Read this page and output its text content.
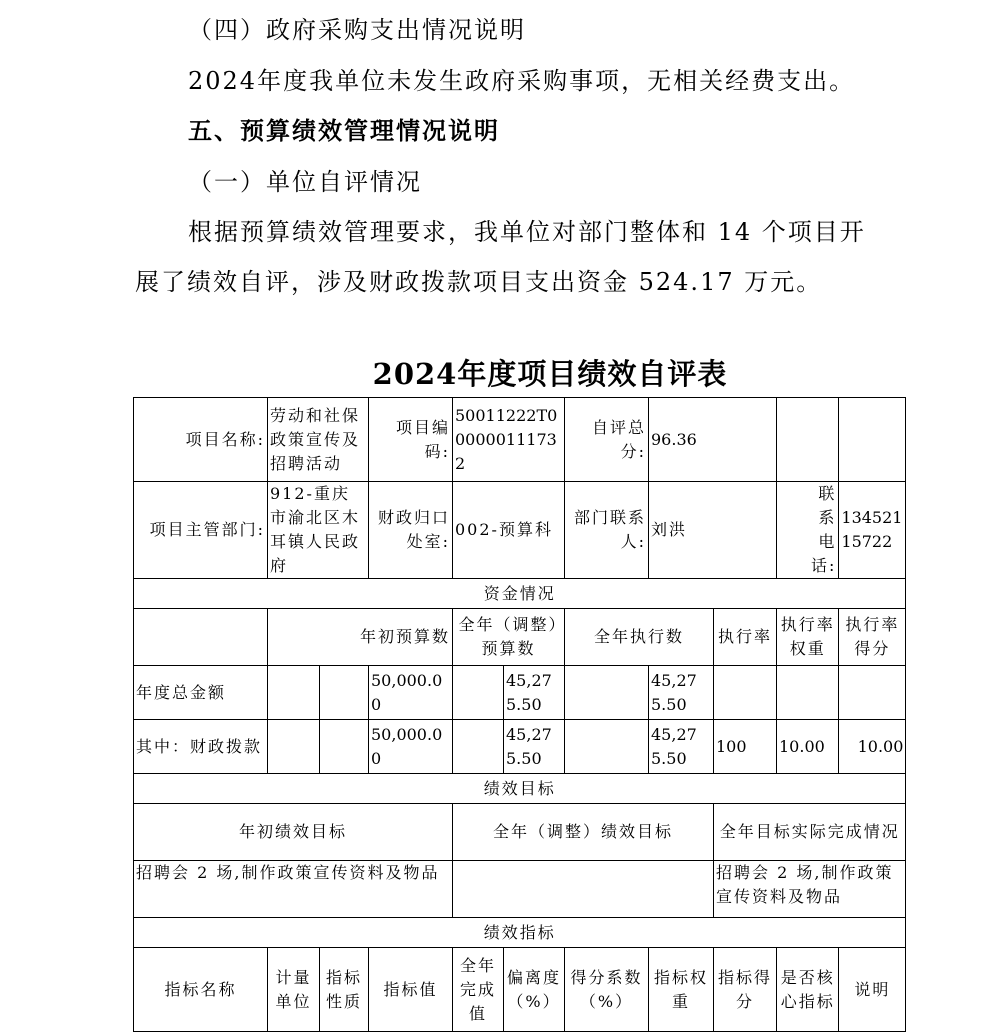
（四）政府采购支出情况说明
2024年度我单位未发生政府采购事项，无相关经费支出。
五、预算绩效管理情况说明
（一）单位自评情况
根据预算绩效管理要求，我单位对部门整体和 14 个项目开
展了绩效自评，涉及财政拨款项目支出资金 524.17 万元。
2024年度项目绩效自评表
项目名称:	劳动和社保政策宣传及招聘活动		项目编码:	50011222T000000111732		自评总分:	96.36			
项目主管部门:	912-重庆市渝北区木耳镇人民政府		财政归口处室:	002-预算科		部门联系人:	刘洪		联系电话:	13452115722
资金情况										
	年初预算数			全年（调整）预算数		全年执行数		执行率	执行率权重	执行率得分
年度总金额			50,000.00		45,275.50		45,275.50			
其中：财政拨款			50,000.00		45,275.50		45,275.50	100	10.00	10.00
绩效目标										
年初绩效目标				全年（调整）绩效目标				全年目标实际完成情况		
招聘会 2 场,制作政策宣传资料及物品								招聘会 2 场,制作政策宣传资料及物品		
绩效指标										
指标名称	计量单位	指标性质	指标值	全年完成值	偏离度（%）	得分系数（%）	指标权重	指标得分	是否核心指标	说明
